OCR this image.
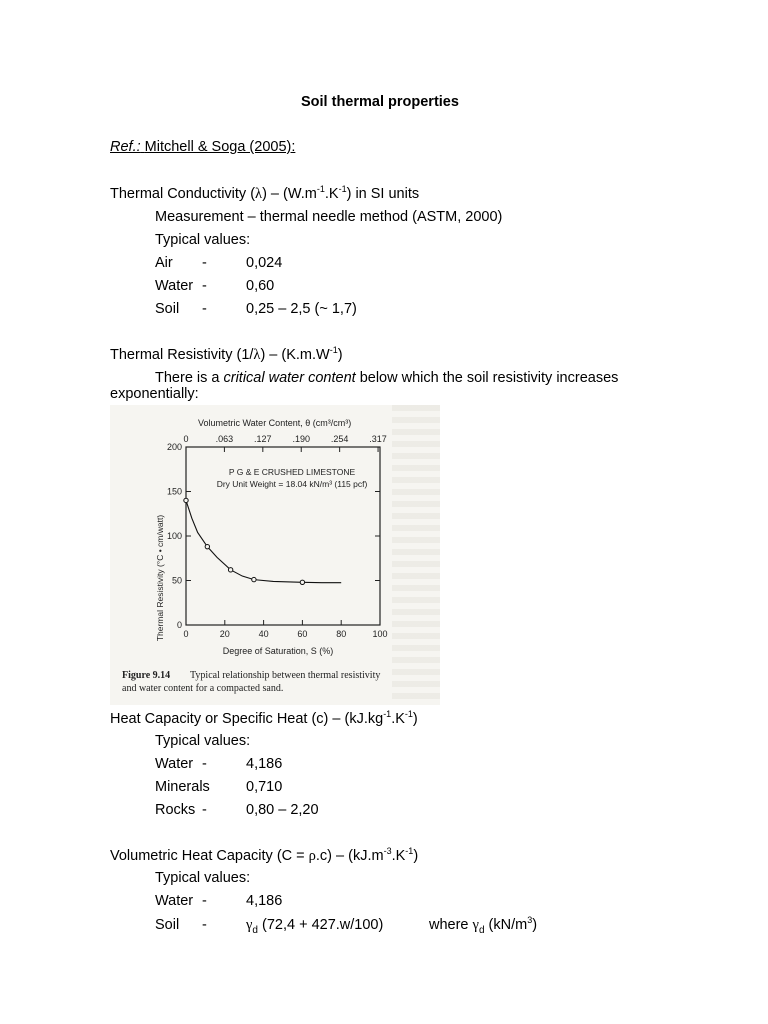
Soil thermal properties
Ref.: Mitchell & Soga (2005):
Thermal Conductivity $(\lambda) - (W.m^{-1}.K^{-1})$ in SI units
Measurement – thermal needle method (ASTM, 2000)
Typical values:
Air -	0,024
Water -	0,60
Soil -	0,25 – 2,5 (~ 1,7)
Thermal Resistivity $(1/\lambda) - (K.m.W^{-1})$
There is a critical water content below which the soil resistivity increases
exponentially:
Volumetric Water Content, θ (cm³/cm³)
0	.063 .127 .190 .254 .317
0
50
100
150
200
0	20	40	60	80	100
Thermal Resistivity (°C • cm/watt)
Degree of Saturation, S (%)
P G & E CRUSHED LIMESTONE
Dry Unit Weight = 18.04 kN/m³ (115 pcf)
Figure 9.14 Typical relationship between thermal resistivity
and water content for a compacted sand.
Heat Capacity or Specific Heat $(c) - (kJ.kg^{-1}.K^{-1})$
Typical values:
Water -	4,186
Minerals 0,710
Rocks -	0,80 – 2,20
Volumetric Heat Capacity $(C = \rho.c) - (kJ.m^{-3}.K^{-1})$
Typical values:
Water -	4,186
Soil -	$\gamma_d$ (72,4 + 427.w/100)	where $\gamma_d$ $(kN/m^3)$
